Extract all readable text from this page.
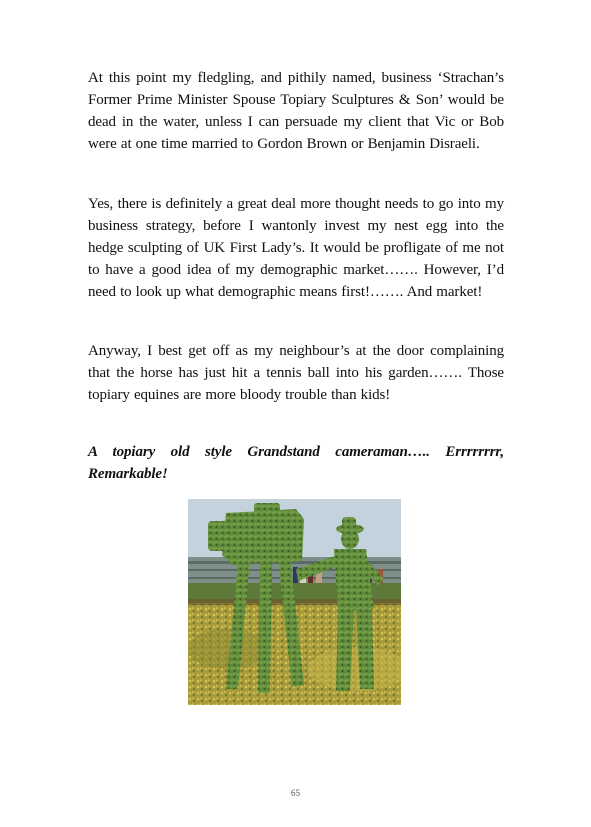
At this point my fledgling, and pithily named, business ‘Strachan’s Former Prime Minister Spouse Topiary Sculptures & Son’ would be dead in the water, unless I can persuade my client that Vic or Bob were at one time married to Gordon Brown or Benjamin Disraeli.

Yes, there is definitely a great deal more thought needs to go into my business strategy, before I wantonly invest my nest egg into the hedge sculpting of UK First Lady’s. It would be profligate of me not to have a good idea of my demographic market……. However, I’d need to look up what demographic means first!……. And market!

Anyway, I best get off as my neighbour’s at the door complaining that the horse has just hit a tennis ball into his garden……. Those topiary equines are more bloody trouble than kids!

A topiary old style Grandstand cameraman….. Errrrrrrr, Remarkable!

65
